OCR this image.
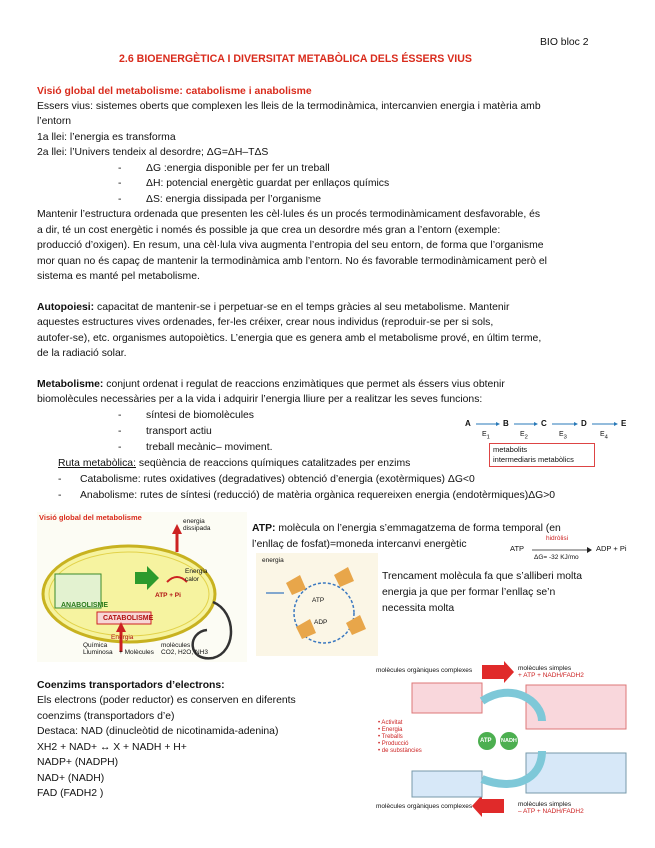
BIO bloc 2
2.6 BIOENERGÈTICA I DIVERSITAT METABÒLICA DELS ÉSSERS VIUS
Visió global del metabolisme: catabolisme i anabolisme
Essers vius: sistemes oberts que complexen les lleis de la termodinàmica, intercanvien energia i matèria amb
l’entorn
1a llei: l’energia es transforma
2a llei: l’Univers tendeix al desordre; ΔG=ΔH–TΔS
- ΔG :energia disponible per fer un treball
- ΔH: potencial energètic guardat per enllaços químics
- ΔS: energia dissipada per l’organisme
Mantenir l’estructura ordenada que presenten les cèl·lules és un procés termodinàmicament desfavorable, és
a dir, té un cost energètic i només és possible ja que crea un desordre més gran a l’entorn (exemple:
producció d’oxigen). En resum, una cèl·lula viva augmenta l’entropia del seu entorn, de forma que l’organisme
mor quan no és capaç de mantenir la termodinàmica amb l’entorn. No és favorable termodinàmicament però el
sistema es manté pel metabolisme.
Autopoiesi: capacitat de mantenir-se i perpetuar-se en el temps gràcies al seu metabolisme. Mantenir
aquestes estructures vives ordenades, fer-les créixer, crear nous individus (reproduir-se per si sols,
autofer-se), etc. organismes autopoiètics. L’energia que es genera amb el metabolisme prové, en últim terme,
de la radiació solar.
Metabolisme: conjunt ordenat i regulat de reaccions enzimàtiques que permet als éssers vius obtenir
biomolècules necessàries per a la vida i adquirir l’energia lliure per a realitzar les seves funcions:
- síntesi de biomolècules
- transport actiu
- treball mecànic– moviment.
Ruta metabòlica: seqüència de reaccions químiques catalitzades per enzims
- Catabolisme: rutes oxidatives (degradatives) obtenció d’energia (exotèrmiques) ΔG<0
- Anabolisme: rutes de síntesi (reducció) de matèria orgànica requereixen energia (endotèrmiques)ΔG>0
A	B	C	D	E
$E_1$	$E_2$	$E_3$	$E_4$
metabolits
intermediaris metabòlics
Visió global del metabolisme
ANABOLISME
CATABOLISME
ATP + Pi
Energia
calor
energia
dissipada
Energia
Química
Lluminosa + Molècules
molècules
CO2, H2O, NH3
ATP: molècula on l’energia s’emmagatzema de forma temporal (en
l’enllaç de fosfat)=moneda intercanvi energètic	ATP
hidròlisi
ΔG= -32 KJ/mo
ADP + Pi
energia
ATP
ADP
Trencament molècula fa que s’alliberi molta
energia ja que per formar l’enllaç se’n
necessita molta
Coenzims transportadors d’electrons:
Els electrons (poder reductor) es conserven en diferents
coenzims (transportadors d’e)
Destaca: NAD (dinucleòtid de nicotinamida-adenina)
XH2 + NAD+ ↔ X + NADH + H+
NADP+ (NADPH)
NAD+ (NADH)
FAD (FADH2 )
molècules orgàniques complexes	molècules simples
+ ATP + NADH/FADH2
molècules orgàniques complexes	molècules simples
– ATP + NADH/FADH2
• Activitat
• Energia
• Treballs
• Producció
• de substàncies
ATP NADH
